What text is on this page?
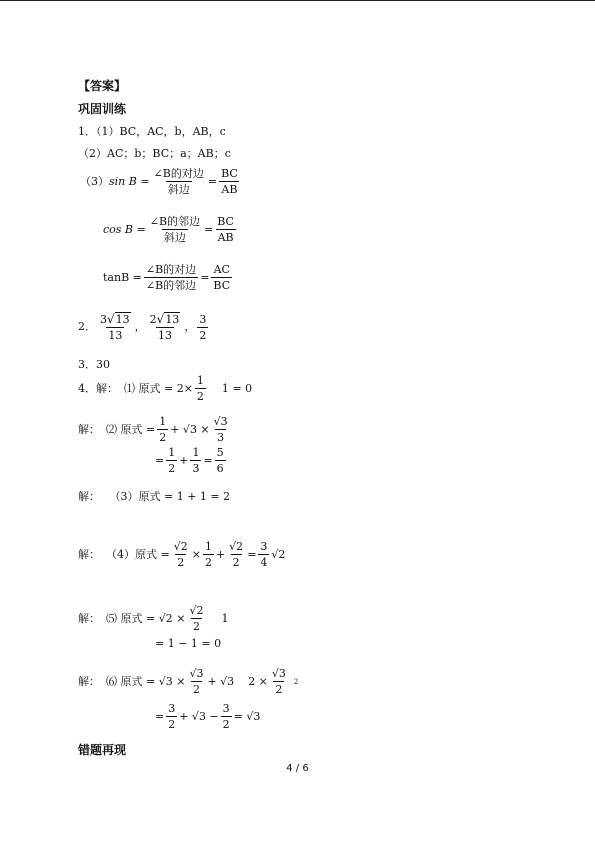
【答案】
巩固训练
1．（1）BC，AC，b，AB，c
（2）AC；b；BC；a；AB；c
（3） $\sin B = \frac{\text{∠B的对边}}{\text{斜边}} = \frac{BC}{AB}$
$\cos B = \frac{\text{∠B的邻边}}{\text{斜边}} = \frac{BC}{AB}$
$\tan B = \frac{\text{∠B的对边}}{\text{∠B的邻边}} = \frac{AC}{BC}$
2． $\frac{3 √ 13}{13}$ ， $\frac{2 √ 13}{13}$ ， $\frac{3}{2}$
3．30
4．解： ⑴ 原式 = $2\times \frac{1}{2} 1 = 0$
解： ⑵ 原式 = $\frac{1}{2} + √3 \times \frac{√3}{3}$
= $\frac{1}{2} + \frac{1}{3} = \frac{5}{6}$
解： （3）原式 = 1 + 1 = 2
解： （4）原式 = $\frac{√2}{2} \times \frac{1}{2} + \frac{√2}{2} = \frac{3}{4} √2$
解： ⑸ 原式 = $√2 \times \frac{√2}{2} 1$
= 1 − 1 = 0
解： ⑹ 原式 = $√3 \times \frac{√3}{2} + √3$ $2 \times \frac{√3}{2} 2$
= $\frac{3}{2} + √3 - \frac{3}{2} = √3$
错题再现
4 / 6
